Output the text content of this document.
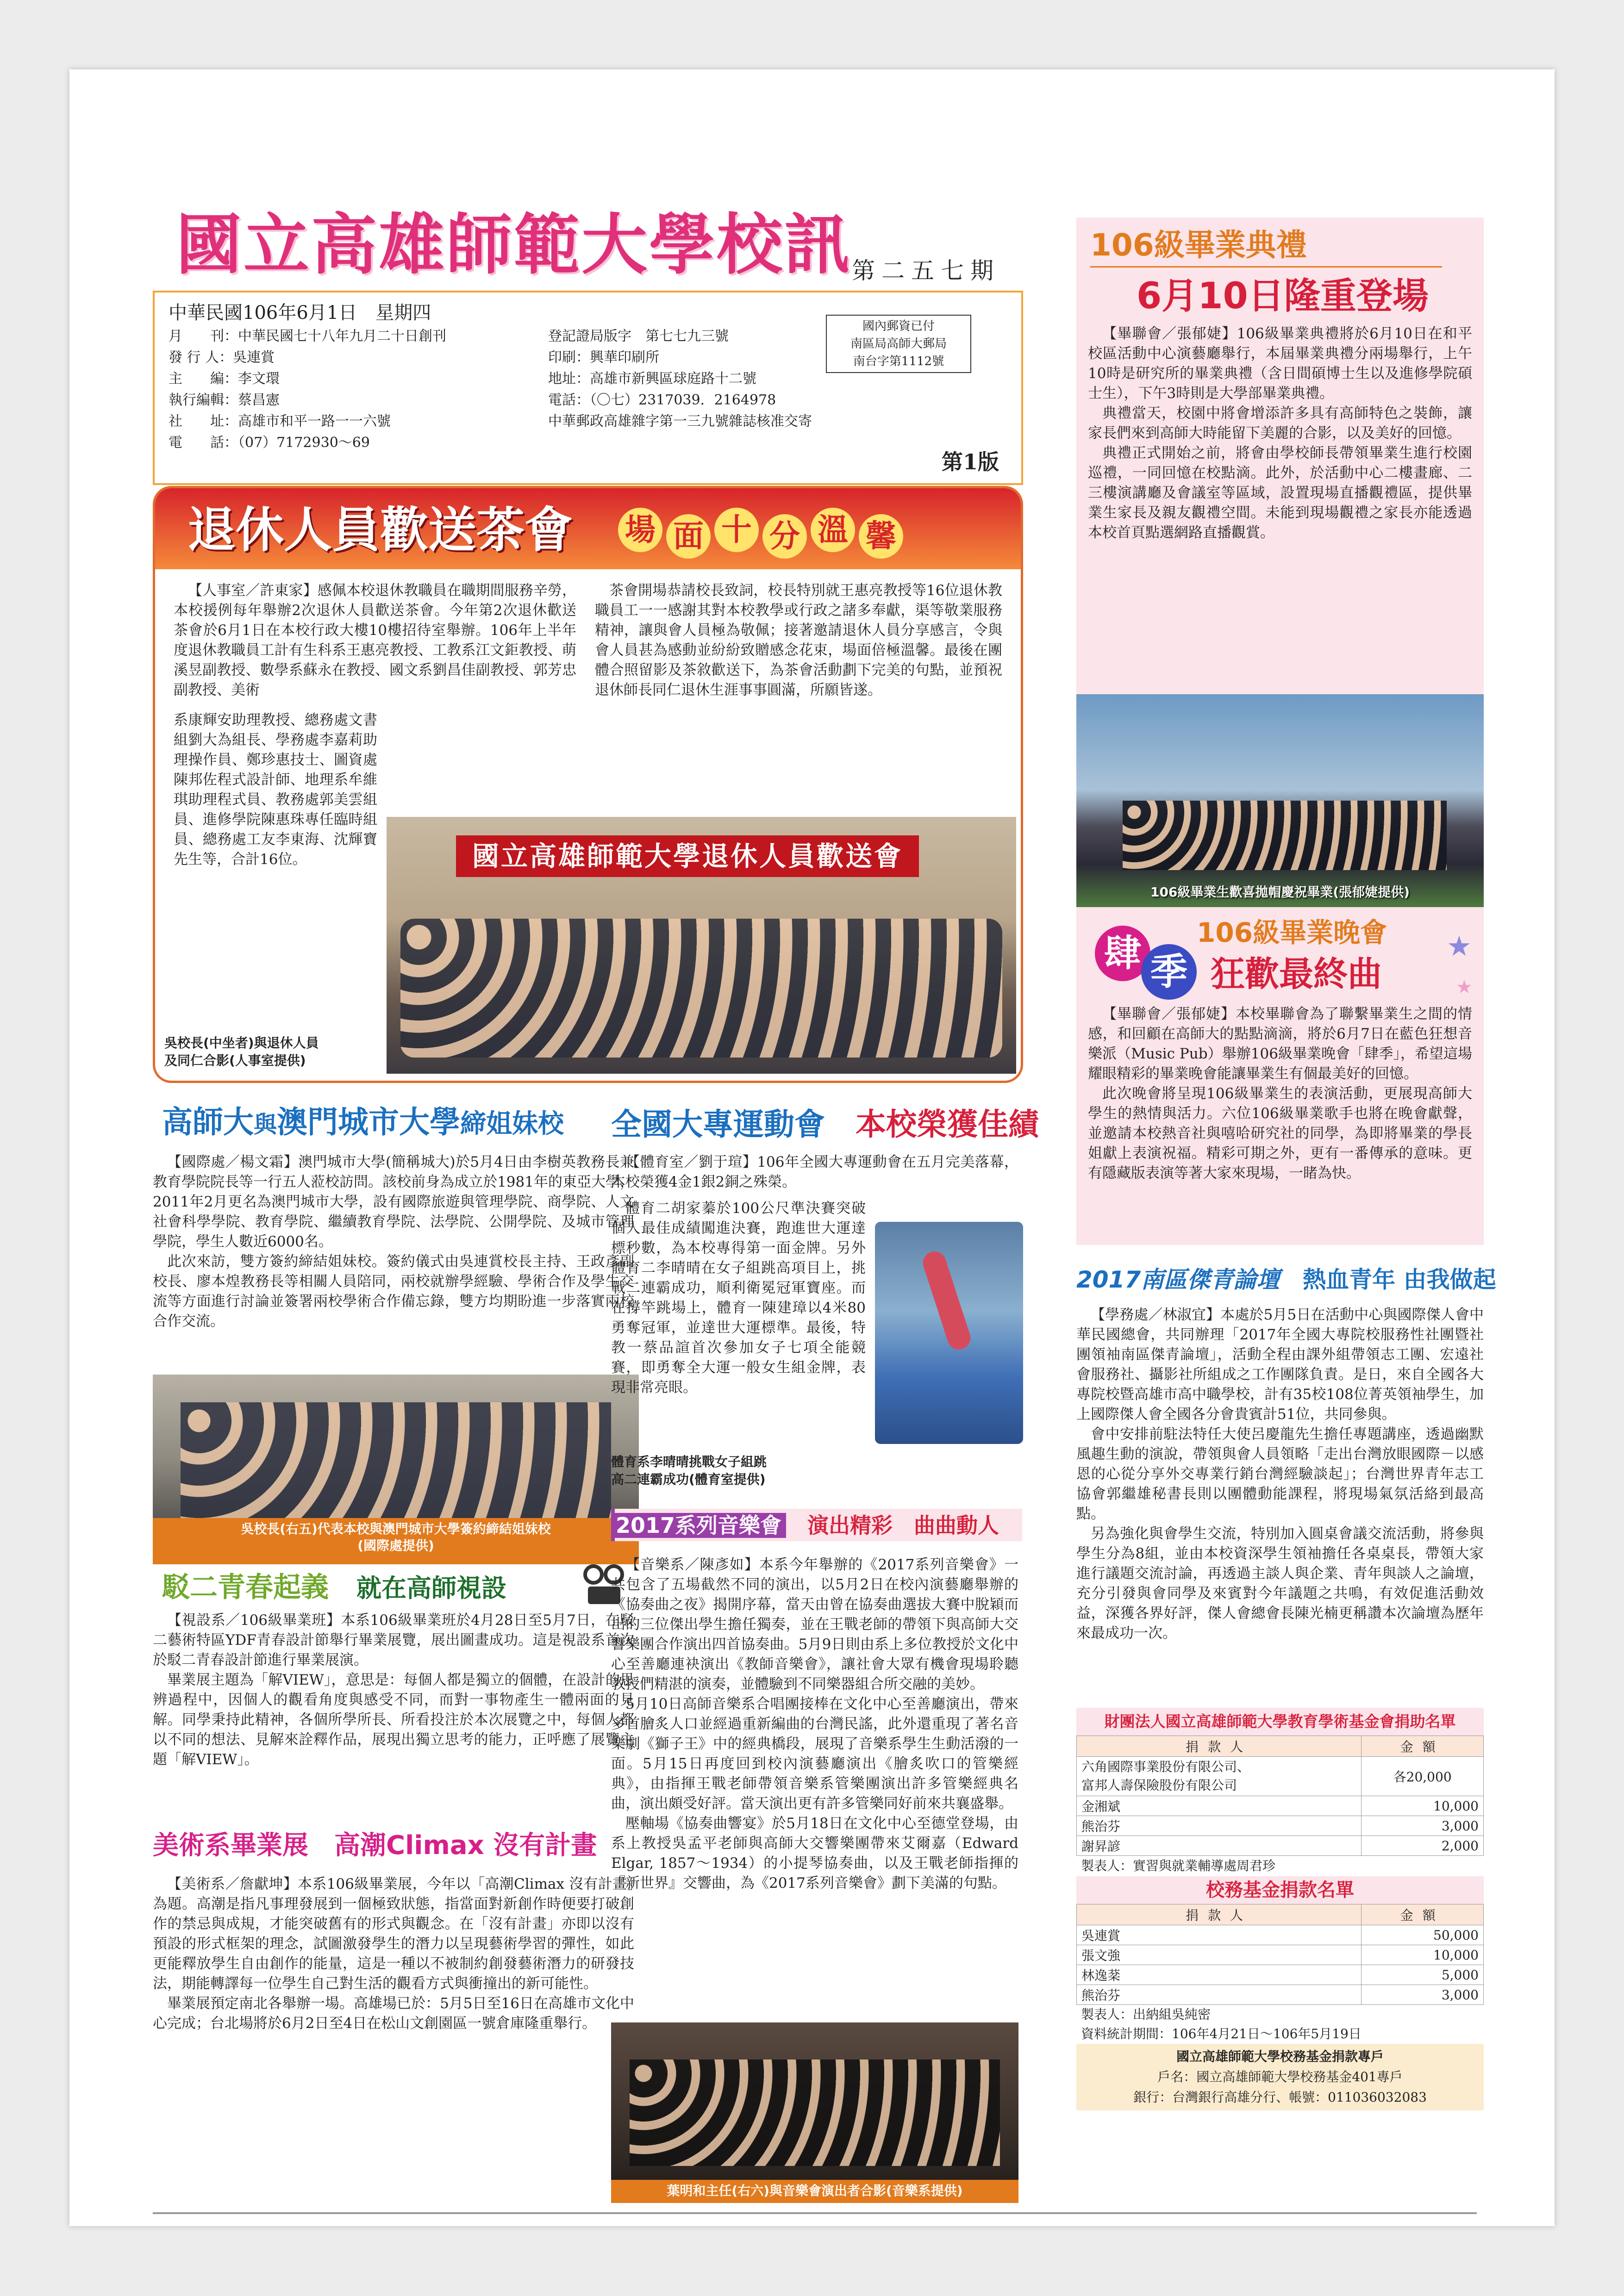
國立高雄師範大學校訊 第二五七期
中華民國106年6月1日　星期四
月　　刊：中華民國七十八年九月二十日創刊
發 行 人：吳連賞
主　　編：李文環
執行編輯：蔡昌憲
社　　址：高雄市和平一路一一六號
電　　話：（07）7172930～69
登記證局版字　第七七九三號
印刷：興華印刷所
地址：高雄市新興區球庭路十二號
電話：（〇七）2317039．2164978
中華郵政高雄雜字第一三九號雜誌核准交寄
國內郵資已付
南區局高師大郵局
南台字第1112號
第1版
退休人員歡送茶會 場 面 十 分 溫 馨

【人事室／許東家】感佩本校退休教職員在職期間服務辛勞，本校援例每年舉辦2次退休人員歡送茶會。今年第2次退休歡送茶會於6月1日在本校行政大樓10樓招待室舉辦。106年上半年度退休教職員工計有生科系王惠亮教授、工教系江文鉅教授、萌溪昱副教授、數學系蘇永在教授、國文系劉昌佳副教授、郭芳忠副教授、美術

茶會開場恭請校長致詞，校長特別就王惠亮教授等16位退休教職員工一一感謝其對本校教學或行政之諸多奉獻，渠等敬業服務精神，讓與會人員極為敬佩；接著邀請退休人員分享感言，令與會人員甚為感動並紛紛致贈感念花束，場面倍極溫馨。最後在團體合照留影及茶敘歡送下，為茶會活動劃下完美的句點，並預祝退休師長同仁退休生涯事事圓滿，所願皆遂。

系康輝安助理教授、總務處文書組劉大為組長、學務處李嘉莉助理操作員、鄭珍惠技士、圖資處陳邦佐程式設計師、地理系牟維琪助理程式員、教務處郭美雲組員、進修學院陳惠珠專任臨時組員、總務處工友李東海、沈輝寶先生等，合計16位。	國立高雄師範大學退休人員歡送會
吳校長(中坐者)與退休人員
及同仁合影(人事室提供)
106級畢業典禮
6月10日隆重登場

【畢聯會／張郁婕】106級畢業典禮將於6月10日在和平校區活動中心演藝廳舉行，本屆畢業典禮分兩場舉行，上午10時是研究所的畢業典禮（含日間碩博士生以及進修學院碩士生），下午3時則是大學部畢業典禮。

典禮當天，校園中將會增添許多具有高師特色之裝飾，讓家長們來到高師大時能留下美麗的合影，以及美好的回憶。

典禮正式開始之前，將會由學校師長帶領畢業生進行校園巡禮，一同回憶在校點滴。此外，於活動中心二樓畫廊、二三樓演講廳及會議室等區域，設置現場直播觀禮區，提供畢業生家長及親友觀禮空間。未能到現場觀禮之家長亦能透過本校首頁點選網路直播觀賞。

106級畢業生歡喜拋帽慶祝畢業(張郁婕提供)
106級畢業晚會
肆 季 狂歡最終曲
★
★

【畢聯會／張郁婕】本校畢聯會為了聯繫畢業生之間的情感，和回顧在高師大的點點滴滴，將於6月7日在藍色狂想音樂派（Music Pub）舉辦106級畢業晚會「肆季」，希望這場耀眼精彩的畢業晚會能讓畢業生有個最美好的回憶。

此次晚會將呈現106級畢業生的表演活動，更展現高師大學生的熱情與活力。六位106級畢業歌手也將在晚會獻聲，並邀請本校熱音社與嘻哈研究社的同學，為即將畢業的學長姐獻上表演祝福。精彩可期之外，更有一番傳承的意味。更有隱藏版表演等著大家來現場，一睹為快。

高師大與澳門城市大學締姐妹校

【國際處／楊文霜】澳門城市大學(簡稱城大)於5月4日由李樹英教務長兼教育學院院長等一行五人蒞校訪問。該校前身為成立於1981年的東亞大學，2011年2月更名為澳門城市大學，設有國際旅遊與管理學院、商學院、人文社會科學學院、教育學院、繼續教育學院、法學院、公開學院、及城市管理學院，學生人數近6000名。

此次來訪，雙方簽約締結姐妹校。簽約儀式由吳連賞校長主持、王政彥副校長、廖本煌教務長等相關人員陪同，兩校就辦學經驗、學術合作及學生交流等方面進行討論並簽署兩校學術合作備忘錄，雙方均期盼進一步落實兩校合作交流。

吳校長(右五)代表本校與澳門城市大學簽約締結姐妹校
(國際處提供)
駁二青春起義　 就在高師視設

【視設系／106級畢業班】本系106級畢業班於4月28日至5月7日，在駁二藝術特區YDF青春設計節舉行畢業展覽，展出圖畫成功。這是視設系首次於駁二青春設計節進行畢業展演。

畢業展主題為「解VIEW」，意思是：每個人都是獨立的個體，在設計的思辨過程中，因個人的觀看角度與感受不同，而對一事物產生一體兩面的見解。同學秉持此精神，各個所學所長、所看投注於本次展覽之中，每個人都以不同的想法、見解來詮釋作品，展現出獨立思考的能力，正呼應了展覽主題「解VIEW」。

美術系畢業展　 高潮Climax 沒有計畫

【美術系／詹獻坤】本系106級畢業展，今年以「高潮Climax 沒有計畫」為題。高潮是指凡事理發展到一個極致狀態，指當面對新創作時便要打破創作的禁忌與成規，才能突破舊有的形式與觀念。在「沒有計畫」亦即以沒有預設的形式框架的理念，試圖激發學生的潛力以呈現藝術學習的彈性，如此更能釋放學生自由創作的能量，這是一種以不被制約創發藝術潛力的研發技法，期能轉譯每一位學生自己對生活的觀看方式與衝撞出的新可能性。

畢業展預定南北各舉辦一場。高雄場已於：5月5日至16日在高雄市文化中心完成；台北場將於6月2日至4日在松山文創園區一號倉庫隆重舉行。

全國大專運動會　 本校榮獲佳績

【體育室／劉于瑄】106年全國大專運動會在五月完美落幕，本校榮獲4金1銀2銅之殊榮。

體育二胡家蓁於100公尺準決賽突破個人最佳成績闖進決賽，跑進世大運達標秒數，為本校專得第一面金牌。另外體育二李晴晴在女子組跳高項目上，挑戰二連霸成功，順利衛冕冠軍寶座。而在撐竿跳場上，體育一陳建璋以4米80勇奪冠軍，並達世大運標準。最後，特教一蔡品諠首次參加女子七項全能競賽，即勇奪全大運一般女生組金牌，表現非常亮眼。

體育系李晴晴挑戰女子組跳
高二連霸成功(體育室提供)
2017系列音樂會　 演出精彩　 曲曲動人

【音樂系／陳彥如】本系今年舉辦的《2017系列音樂會》一共包含了五場截然不同的演出，以5月2日在校內演藝廳舉辦的《協奏曲之夜》揭開序幕，當天由曾在協奏曲選拔大賽中脫穎而出的三位傑出學生擔任獨奏，並在王戰老師的帶領下與高師大交響樂團合作演出四首協奏曲。5月9日則由系上多位教授於文化中心至善廳連袂演出《教師音樂會》，讓社會大眾有機會現場聆聽教授們精湛的演奏，並體驗到不同樂器組合所交融的美妙。

5月10日高師音樂系合唱團接棒在文化中心至善廳演出，帶來多首膾炙人口並經過重新編曲的台灣民謠，此外還重現了著名音樂劇《獅子王》中的經典橋段，展現了音樂系學生生動活潑的一面。5月15日再度回到校內演藝廳演出《膾炙吹口的管樂經典》，由指揮王戰老師帶領音樂系管樂團演出許多管樂經典名曲，演出頗受好評。當天演出更有許多管樂同好前來共襄盛舉。

壓軸場《協奏曲響宴》於5月18日在文化中心至德堂登場，由系上教授吳孟平老師與高師大交響樂團帶來艾爾嘉（Edward Elgar, 1857～1934）的小提琴協奏曲，以及王戰老師指揮的『新世界』交響曲，為《2017系列音樂會》劃下美滿的句點。

葉明和主任(右六)與音樂會演出者合影(音樂系提供)
2017南區傑青論壇　 熱血青年 由我做起

【學務處／林淑宜】本處於5月5日在活動中心與國際傑人會中華民國總會，共同辦理「2017年全國大專院校服務性社團暨社團領袖南區傑青論壇」，活動全程由課外組帶領志工團、宏遠社會服務社、攝影社所組成之工作團隊負責。是日，來自全國各大專院校暨高雄市高中職學校，計有35校108位菁英領袖學生，加上國際傑人會全國各分會貴賓計51位，共同參與。

會中安排前駐法特任大使呂慶龍先生擔任專題講座，透過幽默風趣生動的演說，帶領與會人員領略「走出台灣放眼國際－以感恩的心從分享外交專業行銷台灣經驗談起」；台灣世界青年志工協會郭繼雄秘書長則以團體動能課程，將現場氣氛活絡到最高點。

另為強化與會學生交流，特別加入圓桌會議交流活動，將參與學生分為8組，並由本校資深學生領袖擔任各桌桌長，帶領大家進行議題交流討論，再透過主談人與企業、青年與談人之論壇，充分引發與會同學及來賓對今年議題之共鳴，有效促進活動效益，深獲各界好評，傑人會總會長陳光楠更稱讚本次論壇為歷年來最成功一次。

財團法人國立高雄師範大學教育學術基金會捐助名單
捐款人	金額
六角國際事業股份有限公司、
富邦人壽保險股份有限公司	各20,000
金湘斌	10,000
熊治芬	3,000
謝昇諺	2,000
製表人：實習與就業輔導處周君珍
校務基金捐款名單
捐款人	金額
吳連賞	50,000
張文強	10,000
林逸棻	5,000
熊治芬	3,000
製表人：出納組吳純密
資料統計期間：106年4月21日～106年5月19日
國立高雄師範大學校務基金捐款專戶
戶名：國立高雄師範大學校務基金401專戶
銀行：台灣銀行高雄分行、帳號：011036032083
